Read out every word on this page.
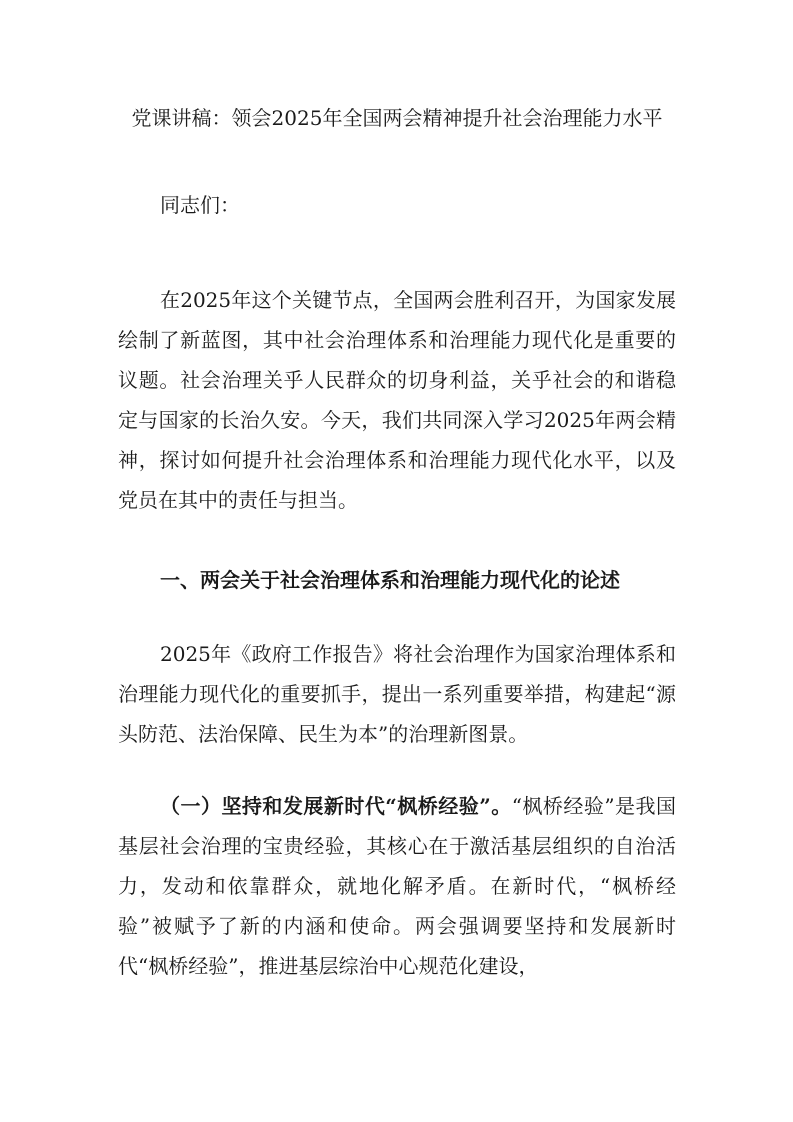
党课讲稿：领会2025年全国两会精神提升社会治理能力水平

同志们：

在2025年这个关键节点，全国两会胜利召开，为国家发展绘制了新蓝图，其中社会治理体系和治理能力现代化是重要的议题。社会治理关乎人民群众的切身利益，关乎社会的和谐稳定与国家的长治久安。今天，我们共同深入学习2025年两会精神，探讨如何提升社会治理体系和治理能力现代化水平，以及党员在其中的责任与担当。

一、两会关于社会治理体系和治理能力现代化的论述

2025年《政府工作报告》将社会治理作为国家治理体系和治理能力现代化的重要抓手，提出一系列重要举措，构建起“源头防范、法治保障、民生为本”的治理新图景。

（一）坚持和发展新时代“枫桥经验”。“枫桥经验”是我国基层社会治理的宝贵经验，其核心在于激活基层组织的自治活力，发动和依靠群众，就地化解矛盾。在新时代，“枫桥经验”被赋予了新的内涵和使命。两会强调要坚持和发展新时代“枫桥经验”，推进基层综治中心规范化建设，
